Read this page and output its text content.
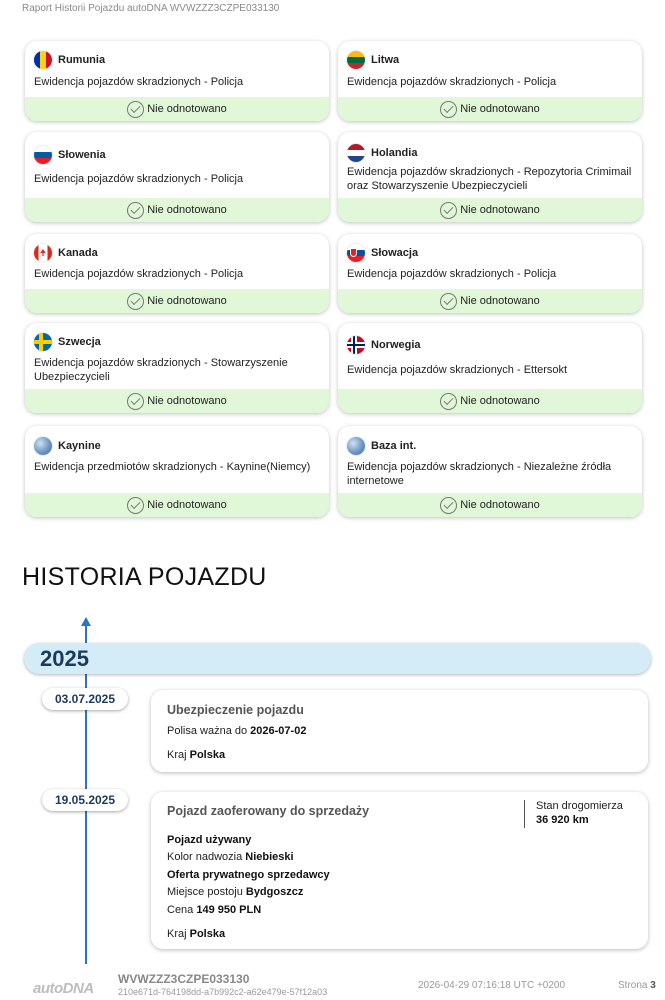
Raport Historii Pojazdu autoDNA WVWZZZ3CZPE033130
Rumunia
Ewidencja pojazdów skradzionych - Policja
Nie odnotowano
Litwa
Ewidencja pojazdów skradzionych - Policja
Nie odnotowano
Słowenia
Ewidencja pojazdów skradzionych - Policja
Nie odnotowano
Holandia
Ewidencja pojazdów skradzionych - Repozytoria Crimimail oraz Stowarzyszenie Ubezpieczycieli
Nie odnotowano
Kanada
Ewidencja pojazdów skradzionych - Policja
Nie odnotowano
Słowacja
Ewidencja pojazdów skradzionych - Policja
Nie odnotowano
Szwecja
Ewidencja pojazdów skradzionych - Stowarzyszenie Ubezpieczycieli
Nie odnotowano
Norwegia
Ewidencja pojazdów skradzionych - Ettersokt
Nie odnotowano
Kaynine
Ewidencja przedmiotów skradzionych - Kaynine(Niemcy)
Nie odnotowano
Baza int.
Ewidencja pojazdów skradzionych - Niezależne źródła internetowe
Nie odnotowano
HISTORIA POJAZDU
2025
03.07.2025
Ubezpieczenie pojazdu
Polisa ważna do 2026-07-02
Kraj Polska
19.05.2025
Pojazd zaoferowany do sprzedaży	Stan drogomierza
36 920 km
Pojazd używany
Kolor nadwozia Niebieski
Oferta prywatnego sprzedawcy
Miejsce postoju Bydgoszcz
Cena 149 950 PLN
Kraj Polska
autoDNA
WVWZZZ3CZPE033130
210e671d-764198dd-a7b992c2-a62e479e-57f12a03
2026-04-29 07:16:18 UTC +0200	Strona 3
